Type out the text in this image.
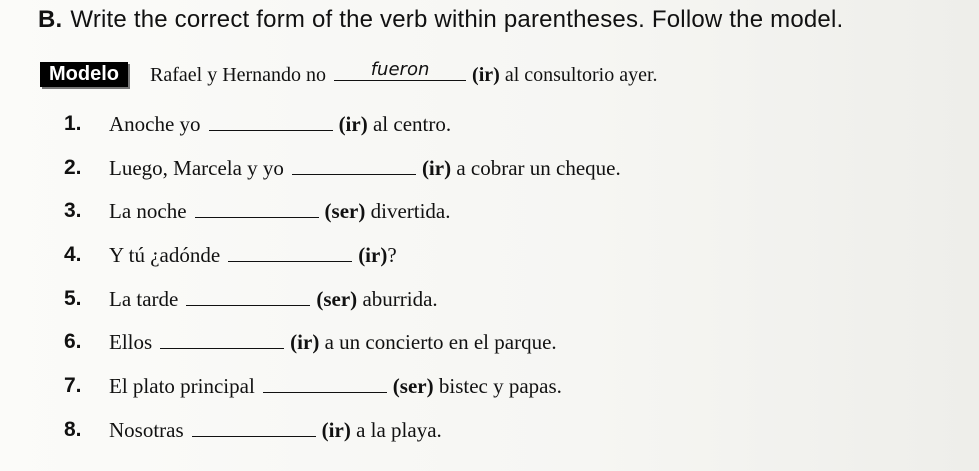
B. Write the correct form of the verb within parentheses. Follow the model.
Modelo	Rafael y Hernando no	fueron	(ir) al consultorio ayer.
1.	Anoche yo	(ir) al centro.
2.	Luego, Marcela y yo	(ir) a cobrar un cheque.
3.	La noche	(ser) divertida.
4.	Y tú ¿adónde	(ir)?
5.	La tarde	(ser) aburrida.
6.	Ellos	(ir) a un concierto en el parque.
7.	El plato principal	(ser) bistec y papas.
8.	Nosotras	(ir) a la playa.
